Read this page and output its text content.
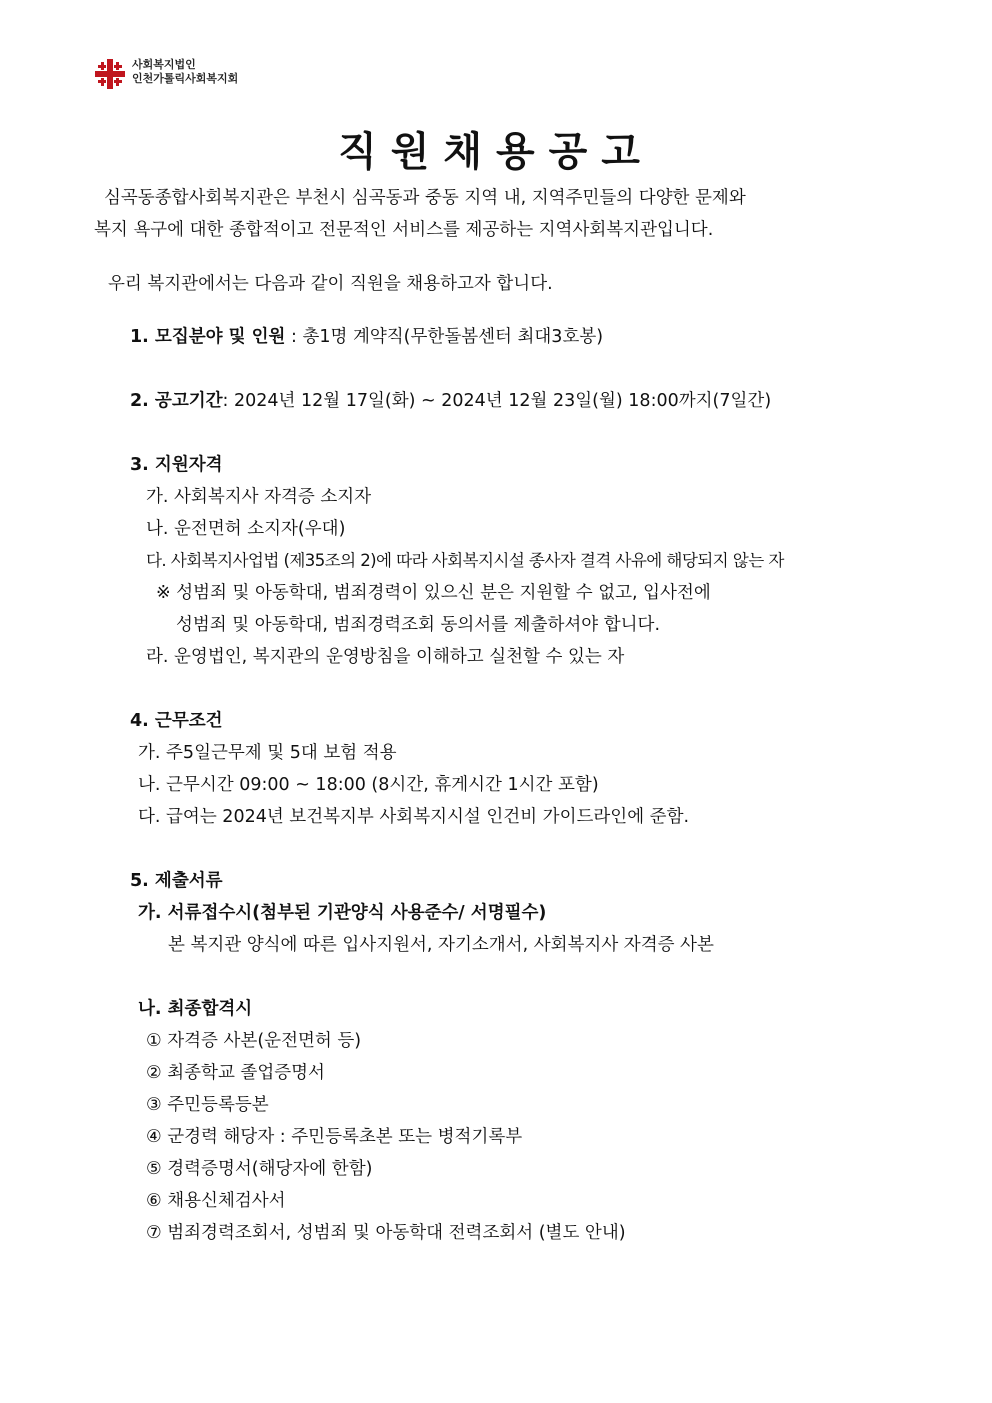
사회복지법인
인천가톨릭사회복지회
직원채용공고
심곡동종합사회복지관은 부천시 심곡동과 중동 지역 내, 지역주민들의 다양한 문제와
복지 욕구에 대한 종합적이고 전문적인 서비스를 제공하는 지역사회복지관입니다.
우리 복지관에서는 다음과 같이 직원을 채용하고자 합니다.
1. 모집분야 및 인원 : 총1명 계약직(무한돌봄센터 최대3호봉)
2. 공고기간: 2024년 12월 17일(화) ~ 2024년 12월 23일(월) 18:00까지(7일간)
3. 지원자격
가. 사회복지사 자격증 소지자
나. 운전면허 소지자(우대)
다. 사회복지사업법 (제35조의 2)에 따라 사회복지시설 종사자 결격 사유에 해당되지 않는 자
※ 성범죄 및 아동학대, 범죄경력이 있으신 분은 지원할 수 없고, 입사전에
성범죄 및 아동학대, 범죄경력조회 동의서를 제출하셔야 합니다.
라. 운영법인, 복지관의 운영방침을 이해하고 실천할 수 있는 자
4. 근무조건
가. 주5일근무제 및 5대 보험 적용
나. 근무시간 09:00 ~ 18:00 (8시간, 휴게시간 1시간 포함)
다. 급여는 2024년 보건복지부 사회복지시설 인건비 가이드라인에 준함.
5. 제출서류
가. 서류접수시(첨부된 기관양식 사용준수/ 서명필수)
본 복지관 양식에 따른 입사지원서, 자기소개서, 사회복지사 자격증 사본
나. 최종합격시
① 자격증 사본(운전면허 등)
② 최종학교 졸업증명서
③ 주민등록등본
④ 군경력 해당자 : 주민등록초본 또는 병적기록부
⑤ 경력증명서(해당자에 한함)
⑥ 채용신체검사서
⑦ 범죄경력조회서, 성범죄 및 아동학대 전력조회서 (별도 안내)
